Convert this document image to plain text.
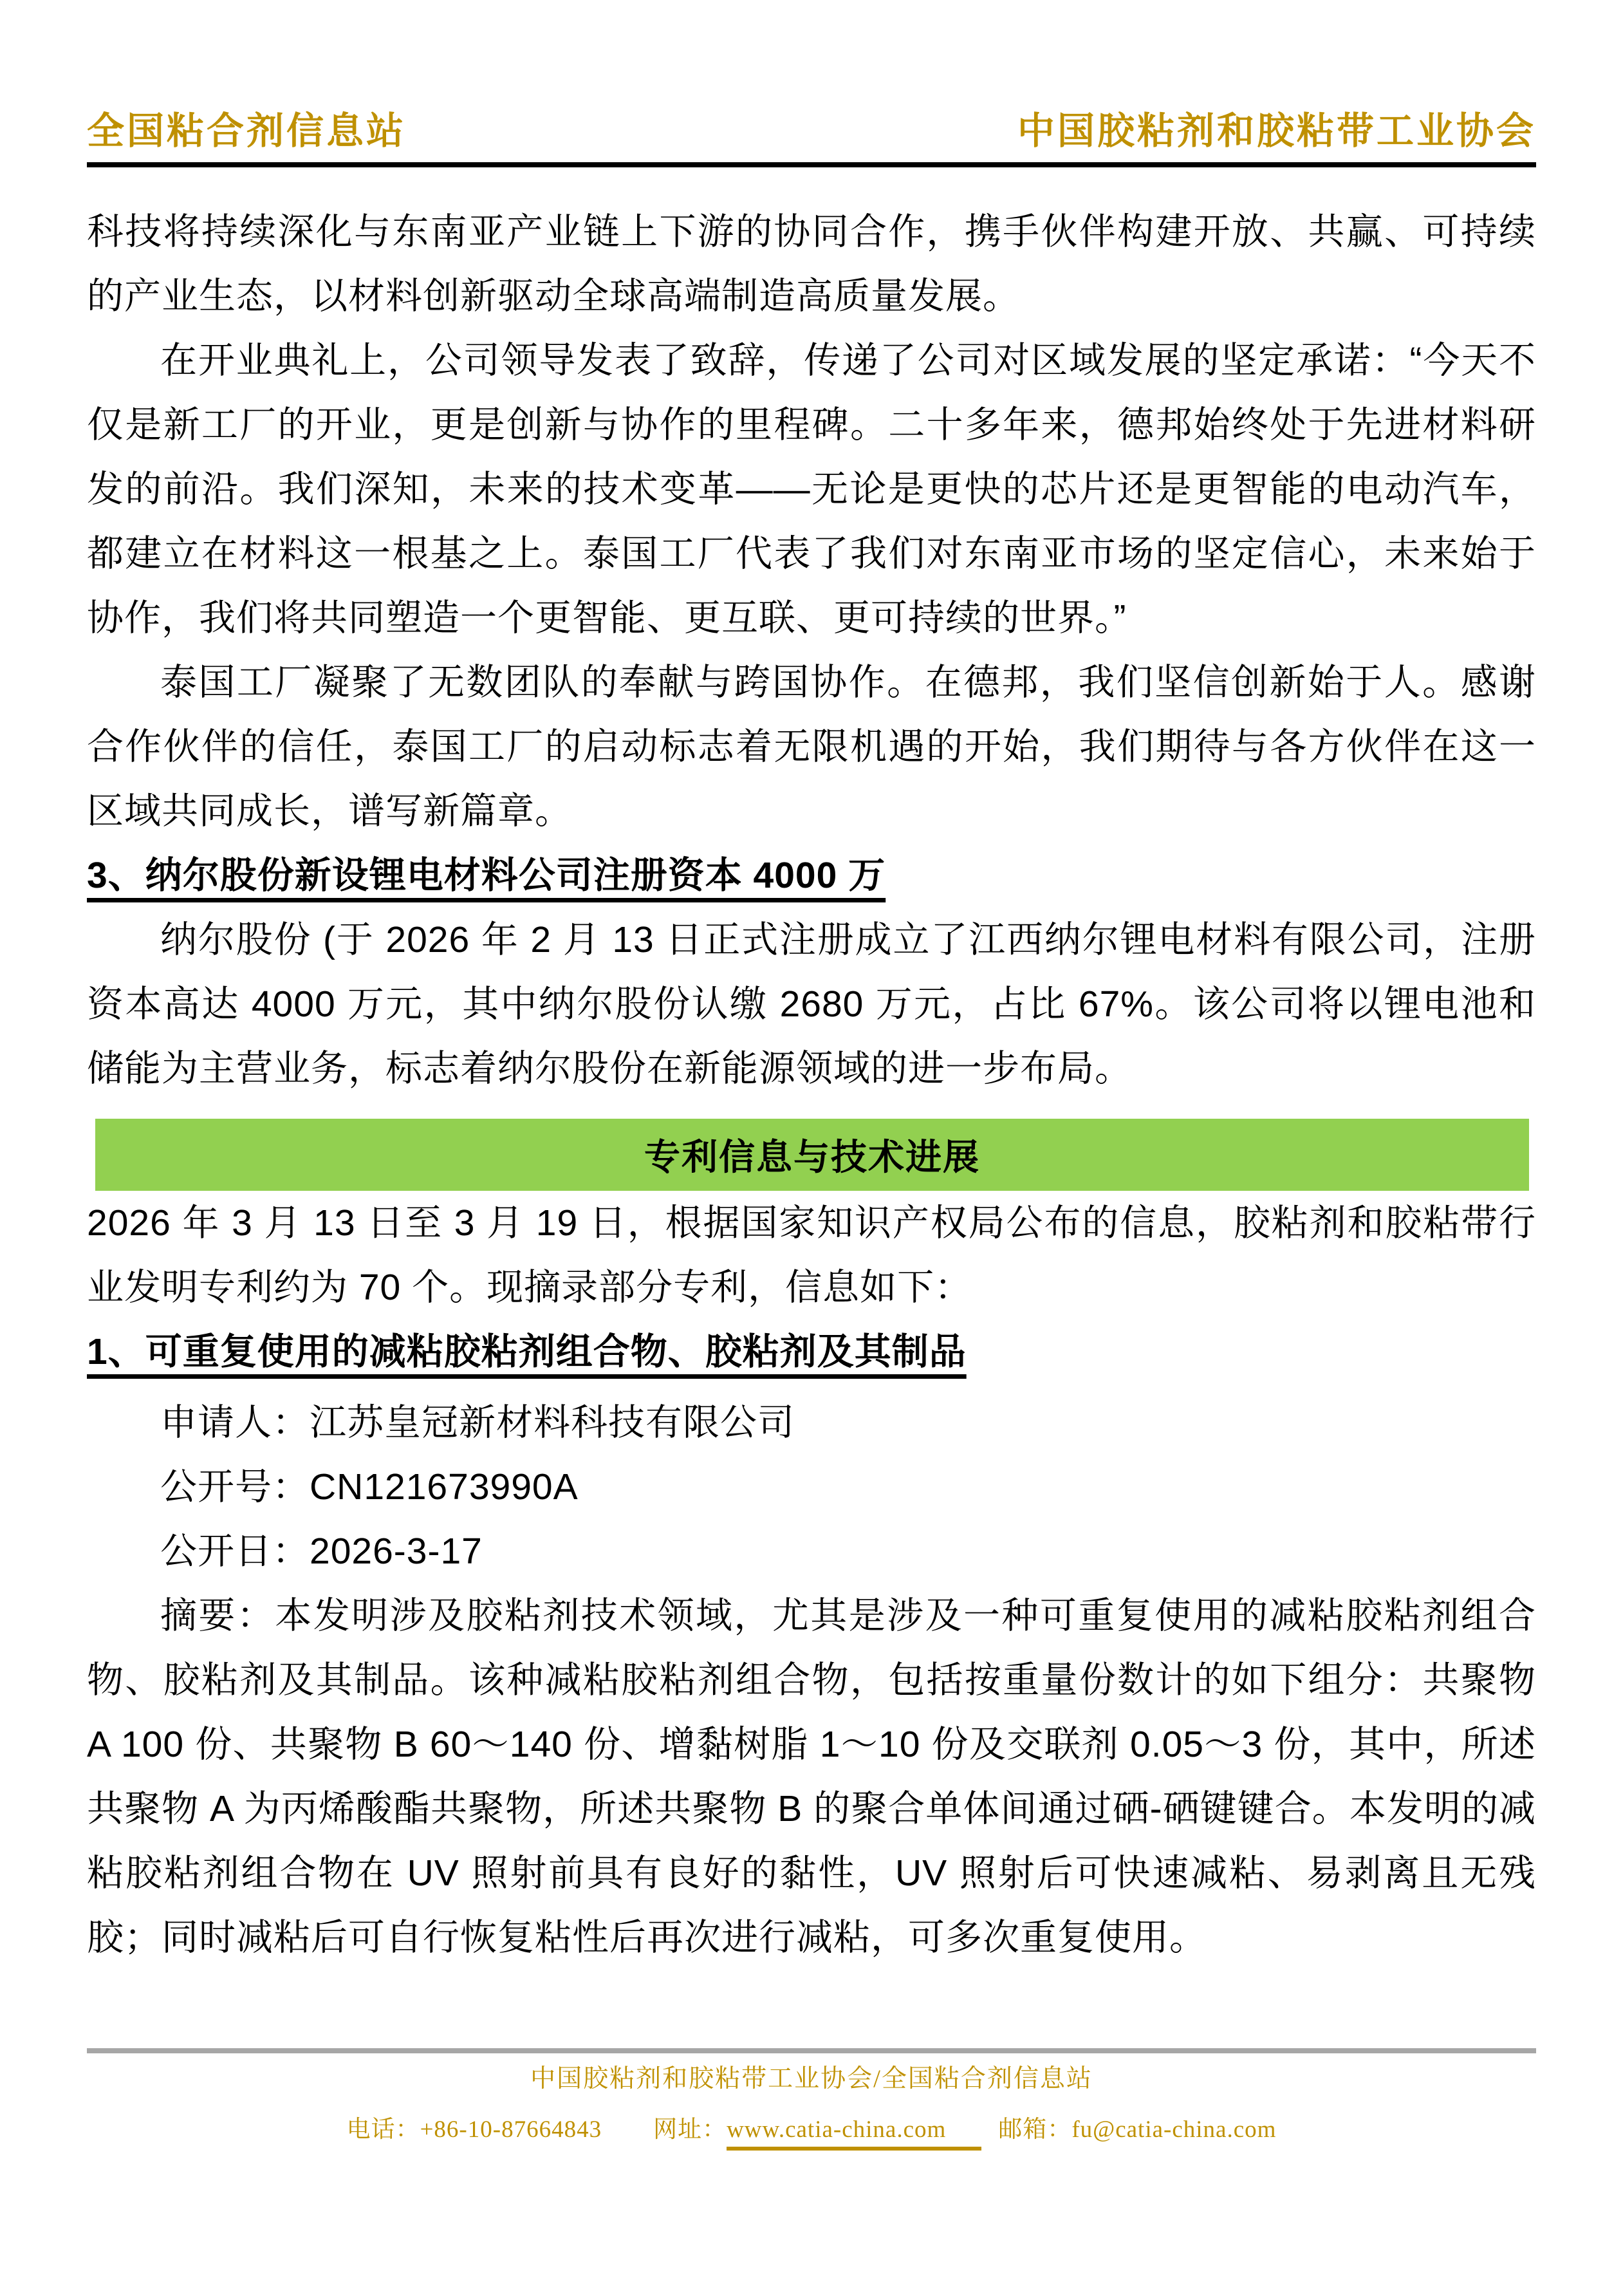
全国粘合剂信息站	中国胶粘剂和胶粘带工业协会

科技将持续深化与东南亚产业链上下游的协同合作，携手伙伴构建开放、共赢、可持续的产业生态，以材料创新驱动全球高端制造高质量发展。

在开业典礼上，公司领导发表了致辞，传递了公司对区域发展的坚定承诺：“今天不仅是新工厂的开业，更是创新与协作的里程碑。二十多年来，德邦始终处于先进材料研发的前沿。我们深知，未来的技术变革——无论是更快的芯片还是更智能的电动汽车，都建立在材料这一根基之上。泰国工厂代表了我们对东南亚市场的坚定信心，未来始于协作，我们将共同塑造一个更智能、更互联、更可持续的世界。”

泰国工厂凝聚了无数团队的奉献与跨国协作。在德邦，我们坚信创新始于人。感谢合作伙伴的信任，泰国工厂的启动标志着无限机遇的开始，我们期待与各方伙伴在这一区域共同成长，谱写新篇章。

3、纳尔股份新设锂电材料公司注册资本 4000 万

纳尔股份 (于 2026 年 2 月 13 日正式注册成立了江西纳尔锂电材料有限公司，注册资本高达 4000 万元，其中纳尔股份认缴 2680 万元，占比 67%。该公司将以锂电池和储能为主营业务，标志着纳尔股份在新能源领域的进一步布局。

专利信息与技术进展

2026 年 3 月 13 日至 3 月 19 日，根据国家知识产权局公布的信息，胶粘剂和胶粘带行业发明专利约为 70 个。现摘录部分专利，信息如下：

1、可重复使用的减粘胶粘剂组合物、胶粘剂及其制品

申请人：江苏皇冠新材料科技有限公司

公开号：CN121673990A

公开日：2026-3-17

摘要：本发明涉及胶粘剂技术领域，尤其是涉及一种可重复使用的减粘胶粘剂组合物、胶粘剂及其制品。该种减粘胶粘剂组合物，包括按重量份数计的如下组分：共聚物 A 100 份、共聚物 B 60～140 份、增黏树脂 1～10 份及交联剂 0.05～3 份，其中，所述共聚物 A 为丙烯酸酯共聚物，所述共聚物 B 的聚合单体间通过硒-硒键键合。本发明的减粘胶粘剂组合物在 UV 照射前具有良好的黏性，UV 照射后可快速减粘、易剥离且无残胶；同时减粘后可自行恢复粘性后再次进行减粘，可多次重复使用。

中国胶粘剂和胶粘带工业协会/全国粘合剂信息站
电话：+86-10-87664843 网址：www.catia-china.com 邮箱：fu@catia-china.com
